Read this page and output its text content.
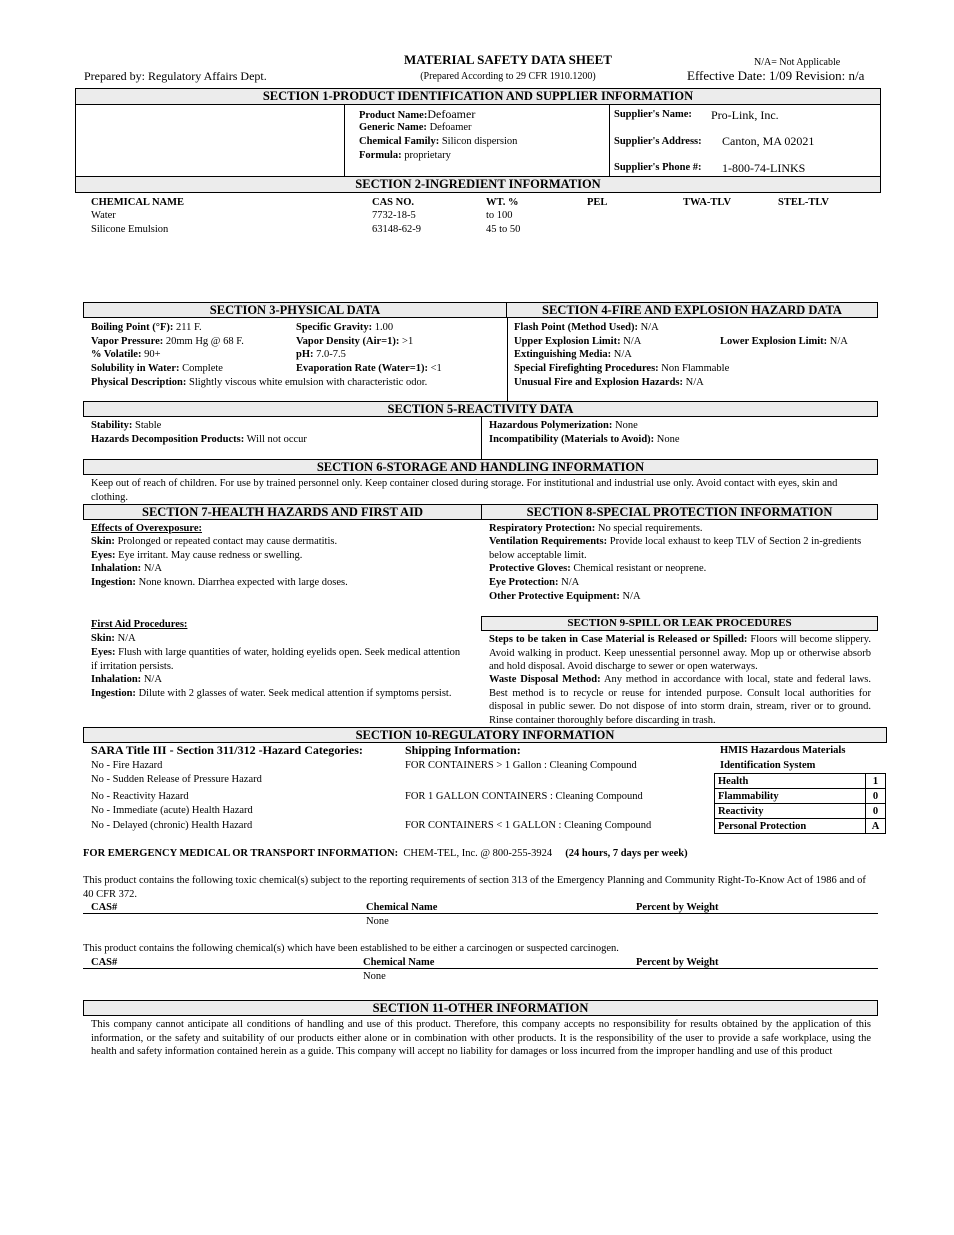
MATERIAL SAFETY DATA SHEET
(Prepared According to 29 CFR 1910.1200)
Prepared by: Regulatory Affairs Dept.
N/A= Not Applicable
Effective Date: 1/09 Revision: n/a
SECTION 1-PRODUCT IDENTIFICATION AND SUPPLIER INFORMATION
Product Name:Defoamer
Generic Name: Defoamer
Chemical Family: Silicon dispersion
Formula: proprietary
Supplier's Name: Pro-Link, Inc.
Supplier's Address: Canton, MA 02021
Supplier's Phone #: 1-800-74-LINKS
SECTION 2-INGREDIENT INFORMATION
CHEMICAL NAME	CAS NO.	WT. %	PEL	TWA-TLV	STEL-TLV
Water	7732-18-5	to 100
Silicone Emulsion	63148-62-9	45 to 50
SECTION 3-PHYSICAL DATA	SECTION 4-FIRE AND EXPLOSION HAZARD DATA
Boiling Point (°F): 211 F.	Specific Gravity: 1.00
Vapor Pressure: 20mm Hg @ 68 F.	Vapor Density (Air=1): >1
% Volatile: 90+	pH: 7.0-7.5
Solubility in Water: Complete	Evaporation Rate (Water=1): <1
Physical Description: Slightly viscous white emulsion with characteristic odor.
Flash Point (Method Used): N/A
Upper Explosion Limit: N/A	Lower Explosion Limit: N/A
Extinguishing Media: N/A
Special Firefighting Procedures: Non Flammable
Unusual Fire and Explosion Hazards: N/A
SECTION 5-REACTIVITY DATA
Stability: Stable
Hazards Decomposition Products: Will not occur
Hazardous Polymerization: None
Incompatibility (Materials to Avoid): None
SECTION 6-STORAGE AND HANDLING INFORMATION
Keep out of reach of children. For use by trained personnel only. Keep container closed during storage. For institutional and industrial use only. Avoid contact with eyes, skin and clothing.
SECTION 7-HEALTH HAZARDS AND FIRST AID	SECTION 8-SPECIAL PROTECTION INFORMATION
Effects of Overexposure:
Skin: Prolonged or repeated contact may cause dermatitis.
Eyes: Eye irritant. May cause redness or swelling.
Inhalation: N/A
Ingestion: None known. Diarrhea expected with large doses.
First Aid Procedures:
Skin: N/A
Eyes: Flush with large quantities of water, holding eyelids open. Seek medical attention if irritation persists.
Inhalation: N/A
Ingestion: Dilute with 2 glasses of water. Seek medical attention if symptoms persist.
Respiratory Protection: No special requirements.
Ventilation Requirements: Provide local exhaust to keep TLV of Section 2 in-gredients below acceptable limit.
Protective Gloves: Chemical resistant or neoprene.
Eye Protection: N/A
Other Protective Equipment: N/A
SECTION 9-SPILL OR LEAK PROCEDURES
Steps to be taken in Case Material is Released or Spilled: Floors will become slippery. Avoid walking in product. Keep unessential personnel away. Mop up or otherwise absorb and hold disposal. Avoid discharge to sewer or open waterways.
Waste Disposal Method: Any method in accordance with local, state and federal laws. Best method is to recycle or reuse for intended purpose. Consult local authorities for disposal in public sewer. Do not dispose of into storm drain, stream, river or to ground. Rinse container thoroughly before discarding in trash.
SECTION 10-REGULATORY INFORMATION
SARA Title III - Section 311/312 -Hazard Categories:
No - Fire Hazard
No - Sudden Release of Pressure Hazard
No - Reactivity Hazard
No - Immediate (acute) Health Hazard
No - Delayed (chronic) Health Hazard
Shipping Information:
FOR CONTAINERS > 1 Gallon : Cleaning Compound
FOR 1 GALLON CONTAINERS : Cleaning Compound
FOR CONTAINERS < 1 GALLON : Cleaning Compound
HMIS Hazardous Materials
Identification System
Health	1
Flammability	0
Reactivity	0
Personal Protection	A
FOR EMERGENCY MEDICAL OR TRANSPORT INFORMATION: CHEM-TEL, Inc. @ 800-255-3924 (24 hours, 7 days per week)
This product contains the following toxic chemical(s) subject to the reporting requirements of section 313 of the Emergency Planning and Community Right-To-Know Act of 1986 and of 40 CFR 372.
CAS#	Chemical Name	Percent by Weight
None
This product contains the following chemical(s) which have been established to be either a carcinogen or suspected carcinogen.
CAS#	Chemical Name	Percent by Weight
None
SECTION 11-OTHER INFORMATION
This company cannot anticipate all conditions of handling and use of this product. Therefore, this company accepts no responsibility for results obtained by the application of this information, or the safety and suitability of our products either alone or in combination with other products. It is the responsibility of the user to provide a safe workplace, using the health and safety information contained herein as a guide. This company will accept no liability for damages or loss incurred from the improper handling and use of this product
